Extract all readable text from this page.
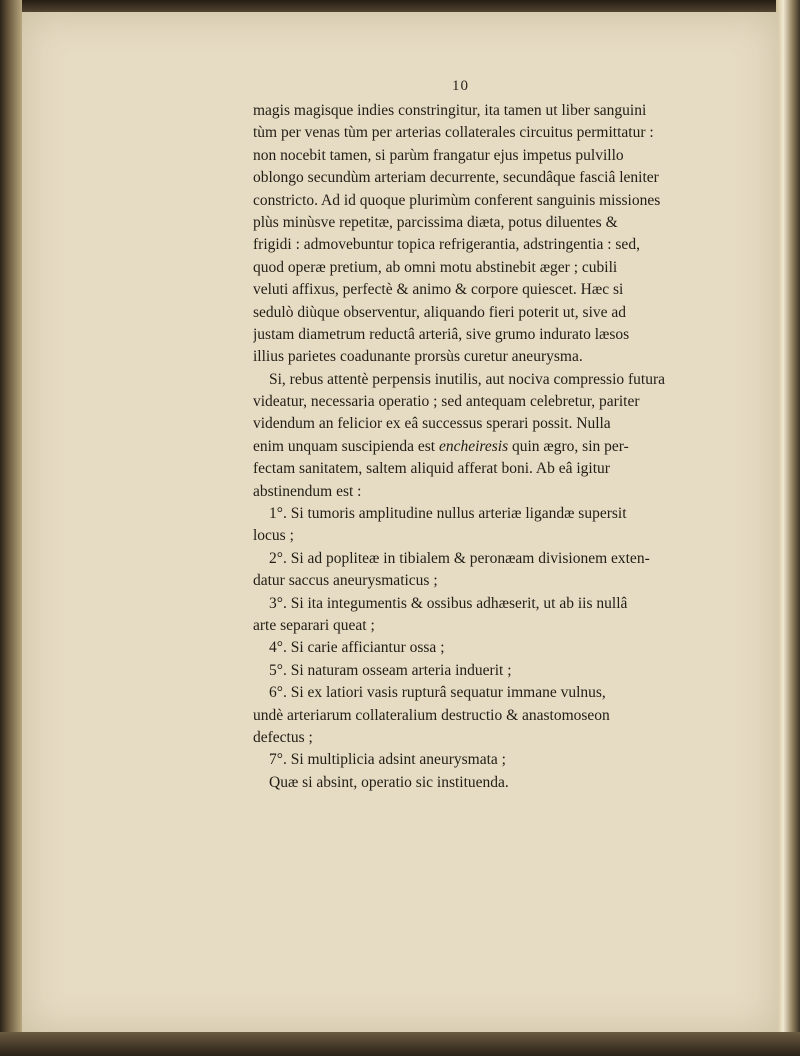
10
magis magisque indies constringitur, ita tamen ut liber sanguini
tùm per venas tùm per arterias collaterales circuitus permittatur :
non nocebit tamen, si parùm frangatur ejus impetus pulvillo
oblongo secundùm arteriam decurrente, secundâque fasciâ leniter
constricto. Ad id quoque plurimùm conferent sanguinis missiones
plùs minùsve repetitæ, parcissima diæta, potus diluentes &
frigidi : admovebuntur topica refrigerantia, adstringentia : sed,
quod operæ pretium, ab omni motu abstinebit æger ; cubili
veluti affixus, perfectè & animo & corpore quiescet. Hæc si
sedulò diùque observentur, aliquando fieri poterit ut, sive ad
justam diametrum reductâ arteriâ, sive grumo indurato læsos
illius parietes coadunante prorsùs curetur aneurysma.
Si, rebus attentè perpensis inutilis, aut nociva compressio futura
videatur, necessaria operatio ; sed antequam celebretur, pariter
videndum an felicior ex eâ successus sperari possit. Nulla
enim unquam suscipienda est encheiresis quin ægro, sin per-
fectam sanitatem, saltem aliquid afferat boni. Ab eâ igitur
abstinendum est :
1°. Si tumoris amplitudine nullus arteriæ ligandæ supersit
locus ;
2°. Si ad popliteæ in tibialem & peronæam divisionem exten-
datur saccus aneurysmaticus ;
3°. Si ita integumentis & ossibus adhæserit, ut ab iis nullâ
arte separari queat ;
4°. Si carie afficiantur ossa ;
5°. Si naturam osseam arteria induerit ;
6°. Si ex latiori vasis rupturâ sequatur immane vulnus,
undè arteriarum collateralium destructio & anastomoseon
defectus ;
7°. Si multiplicia adsint aneurysmata ;
Quæ si absint, operatio sic instituenda.
